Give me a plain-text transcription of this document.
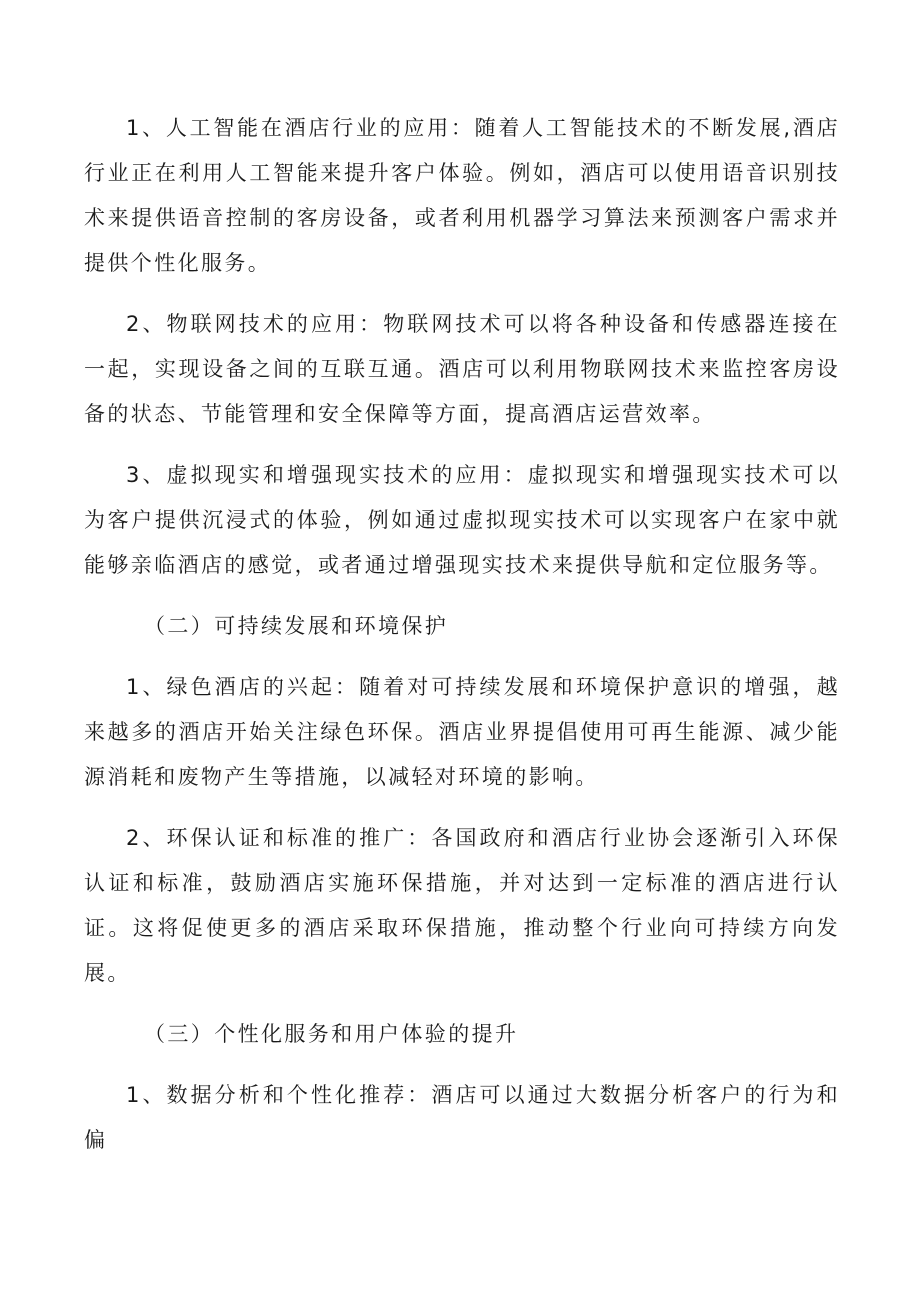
1、人工智能在酒店行业的应用：随着人工智能技术的不断发展,酒店行业正在利用人工智能来提升客户体验。例如，酒店可以使用语音识别技术来提供语音控制的客房设备，或者利用机器学习算法来预测客户需求并提供个性化服务。

2、物联网技术的应用：物联网技术可以将各种设备和传感器连接在一起，实现设备之间的互联互通。酒店可以利用物联网技术来监控客房设备的状态、节能管理和安全保障等方面，提高酒店运营效率。

3、虚拟现实和增强现实技术的应用：虚拟现实和增强现实技术可以为客户提供沉浸式的体验，例如通过虚拟现实技术可以实现客户在家中就能够亲临酒店的感觉，或者通过增强现实技术来提供导航和定位服务等。

（二）可持续发展和环境保护

1、绿色酒店的兴起：随着对可持续发展和环境保护意识的增强，越来越多的酒店开始关注绿色环保。酒店业界提倡使用可再生能源、减少能源消耗和废物产生等措施，以减轻对环境的影响。

2、环保认证和标准的推广：各国政府和酒店行业协会逐渐引入环保认证和标准，鼓励酒店实施环保措施，并对达到一定标准的酒店进行认证。这将促使更多的酒店采取环保措施，推动整个行业向可持续方向发展。

（三）个性化服务和用户体验的提升

1、数据分析和个性化推荐：酒店可以通过大数据分析客户的行为和偏
